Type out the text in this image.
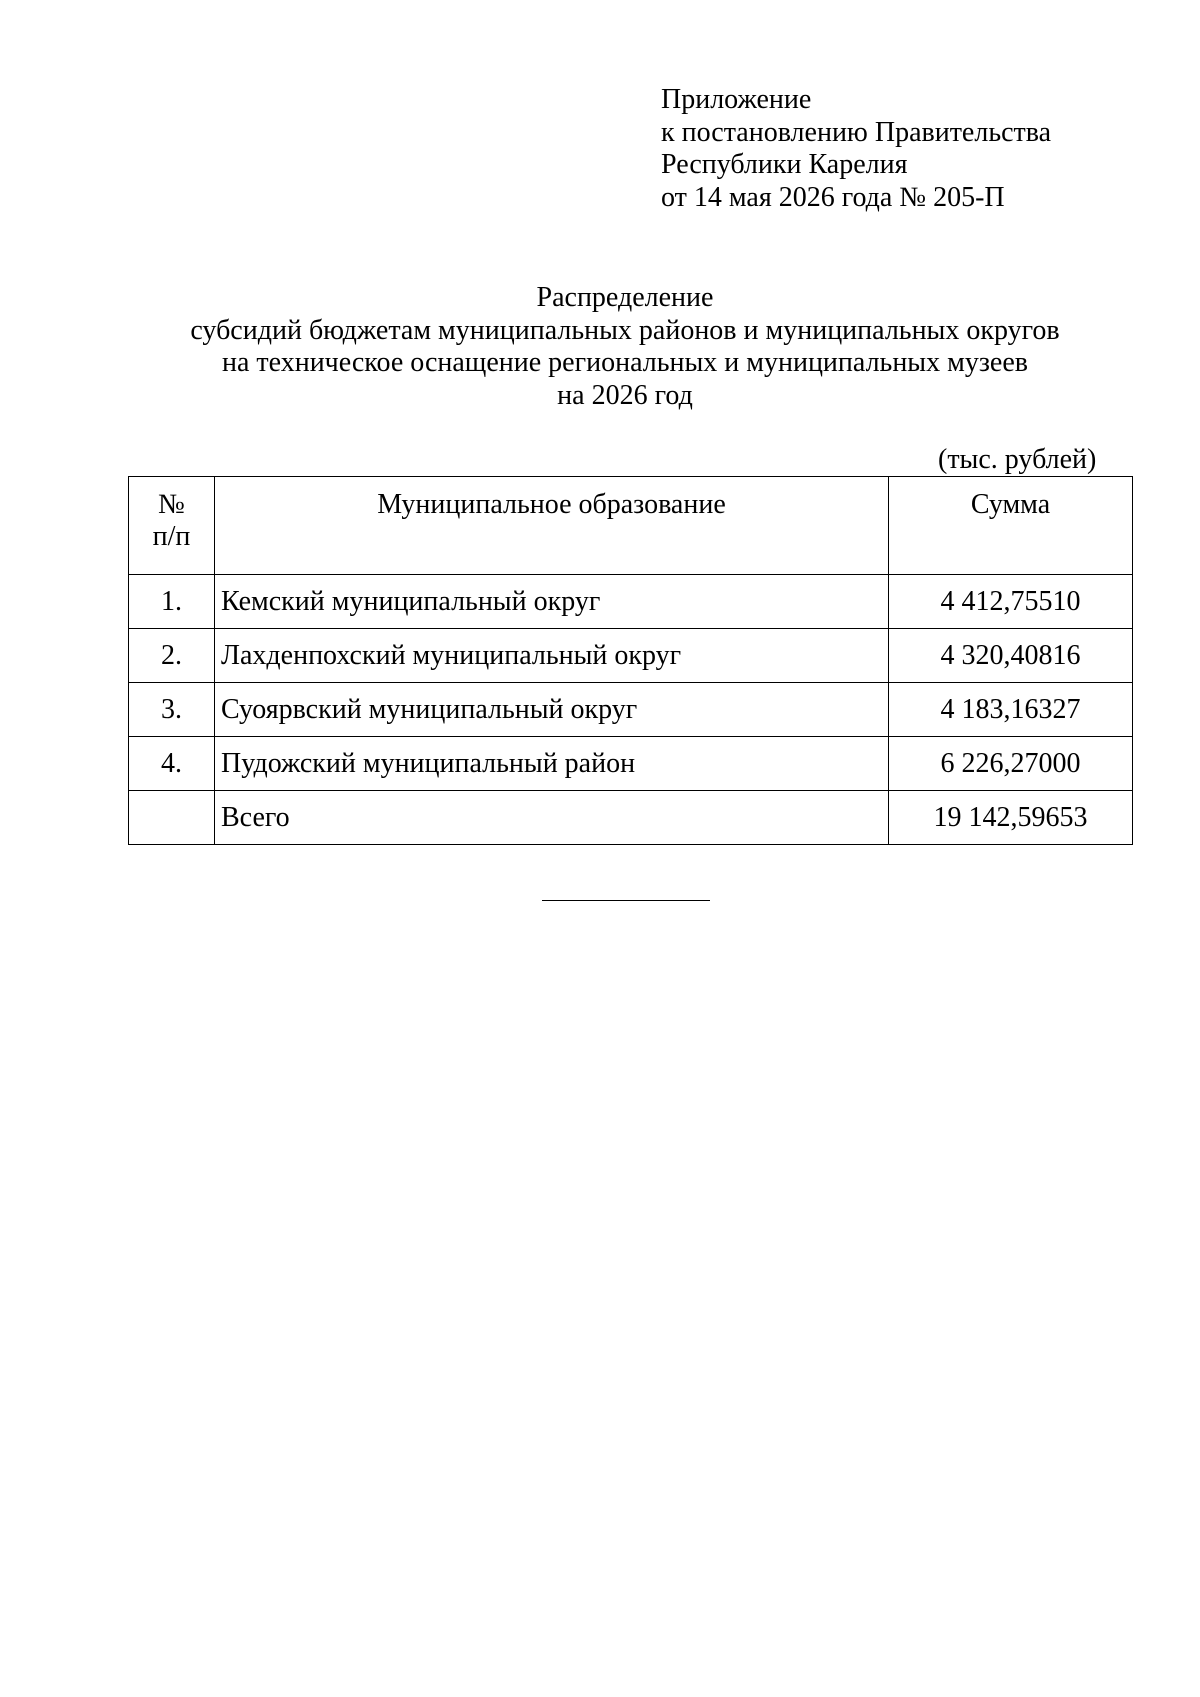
Приложение
к постановлению Правительства
Республики Карелия
от 14 мая 2026 года № 205-П
Распределение
субсидий бюджетам муниципальных районов и муниципальных округов
на техническое оснащение региональных и муниципальных музеев
на 2026 год
(тыс. рублей)
№
п/п	Муниципальное образование	Сумма
1.	Кемский муниципальный округ	4 412,75510
2.	Лахденпохский муниципальный округ	4 320,40816
3.	Суоярвский муниципальный округ	4 183,16327
4.	Пудожский муниципальный район	6 226,27000
	Всего	19 142,59653
